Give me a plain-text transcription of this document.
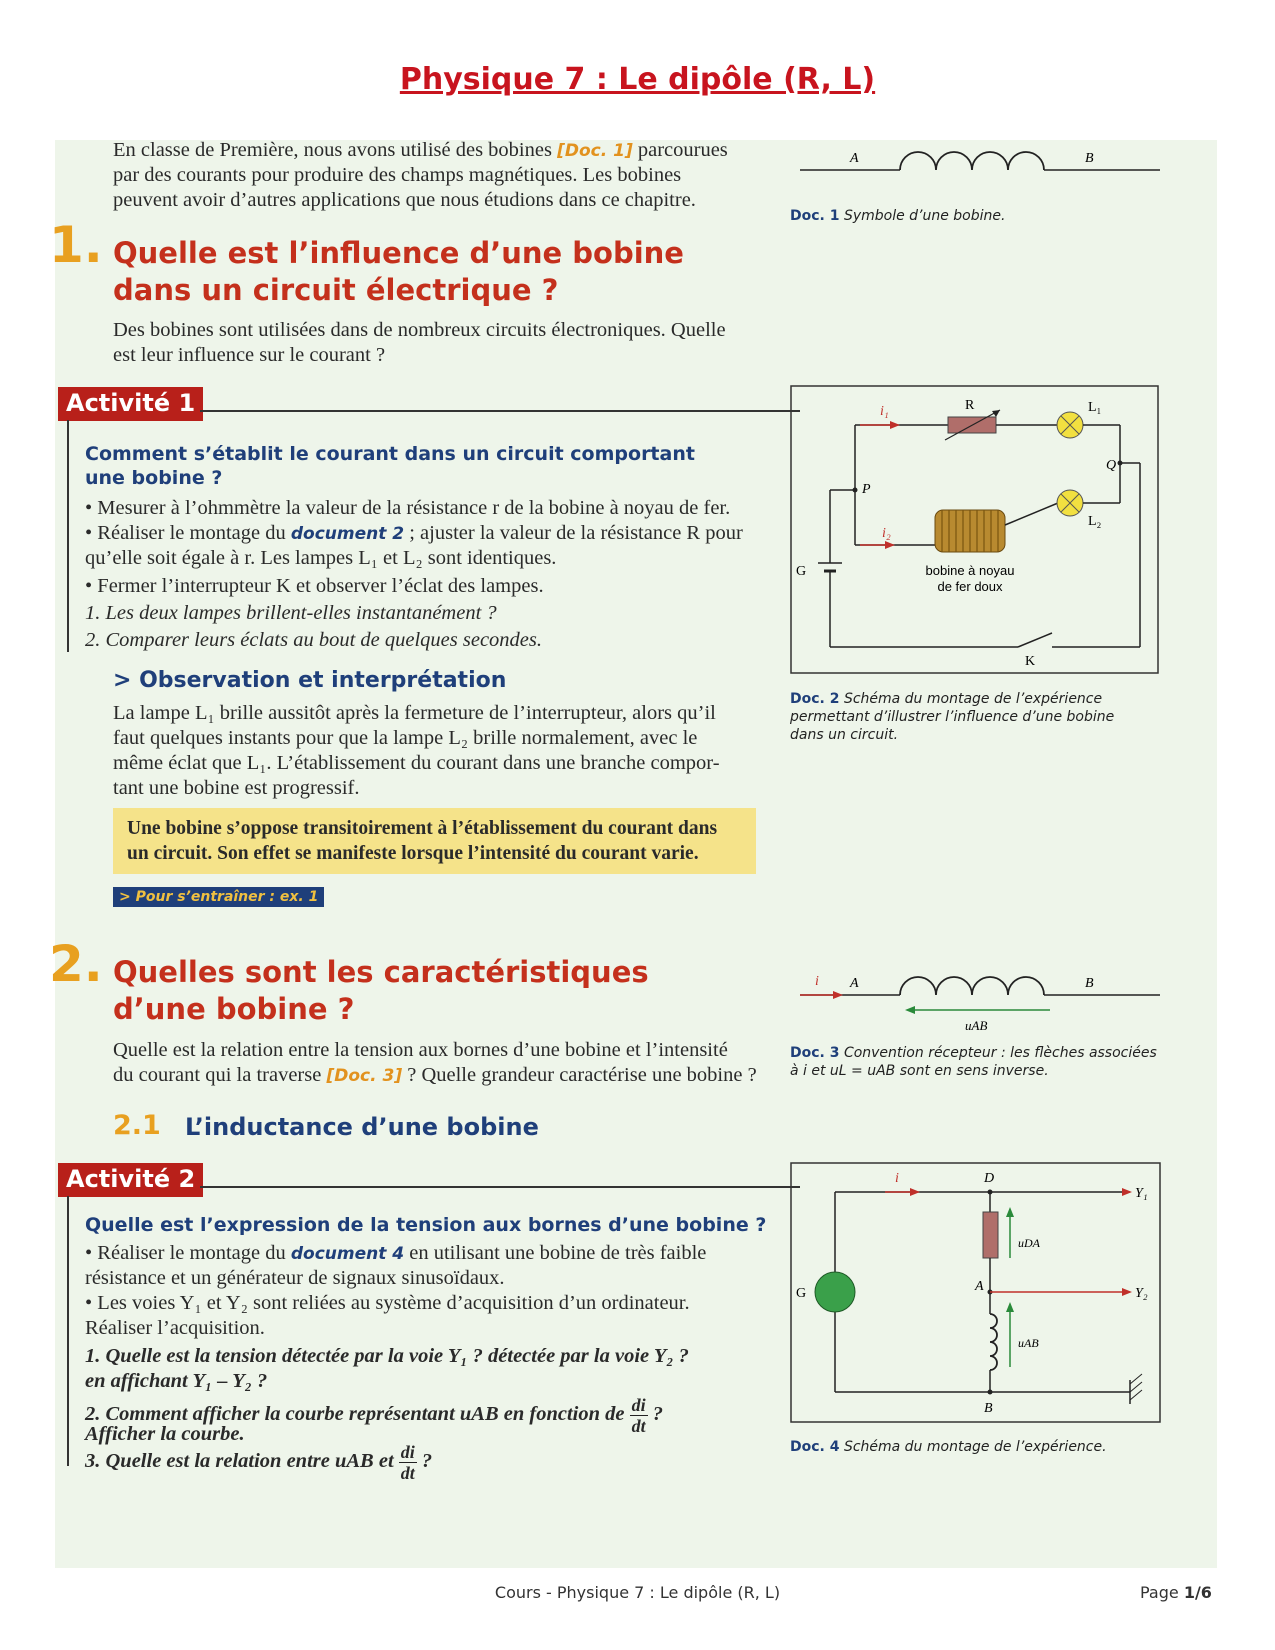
Physique 7 : Le dipôle (R, L)
En classe de Première, nous avons utilisé des bobines [Doc. 1] parcourues
par des courants pour produire des champs magnétiques. Les bobines
peuvent avoir d’autres applications que nous étudions dans ce chapitre.
A	B
Doc. 1 Symbole d’une bobine.
1. Quelle est l’influence d’une bobine
dans un circuit électrique ?
Des bobines sont utilisées dans de nombreux circuits électroniques. Quelle
est leur influence sur le courant ?
Activité 1
Comment s’établit le courant dans un circuit comportant
une bobine ?
• Mesurer à l’ohmmètre la valeur de la résistance r de la bobine à noyau de fer.
• Réaliser le montage du document 2 ; ajuster la valeur de la résistance R pour
qu’elle soit égale à r. Les lampes L₁ et L₂ sont identiques.
• Fermer l’interrupteur K et observer l’éclat des lampes.
1. Les deux lampes brillent-elles instantanément ?
2. Comparer leurs éclats au bout de quelques secondes.
> Observation et interprétation
La lampe L₁ brille aussitôt après la fermeture de l’interrupteur, alors qu’il
faut quelques instants pour que la lampe L₂ brille normalement, avec le
même éclat que L₁. L’établissement du courant dans une branche compor-
tant une bobine est progressif.
Une bobine s’oppose transitoirement à l’établissement du courant dans
un circuit. Son effet se manifeste lorsque l’intensité du courant varie.
> Pour s’entraîner : ex. 1
i₁
i₂
R	L₁
L₂
P
Q
G
K
bobine à noyau
de fer doux
Doc. 2 Schéma du montage de l’expérience
permettant d’illustrer l’influence d’une bobine
dans un circuit.
2. Quelles sont les caractéristiques
d’une bobine ?
Quelle est la relation entre la tension aux bornes d’une bobine et l’intensité
du courant qui la traverse [Doc. 3] ? Quelle grandeur caractérise une bobine ?
i A	B
uAB
Doc. 3 Convention récepteur : les flèches associées
à i et uL = uAB sont en sens inverse.
2.1 L’inductance d’une bobine
Activité 2
Quelle est l’expression de la tension aux bornes d’une bobine ?
• Réaliser le montage du document 4 en utilisant une bobine de très faible
résistance et un générateur de signaux sinusoïdaux.
• Les voies Y₁ et Y₂ sont reliées au système d’acquisition d’un ordinateur.
Réaliser l’acquisition.
1. Quelle est la tension détectée par la voie Y₁ ? détectée par la voie Y₂ ?
en affichant Y₁ – Y₂ ?
2. Comment afficher la courbe représentant uAB en fonction de $\frac{di}{dt}$ ?
Afficher la courbe.
3. Quelle est la relation entre uAB et $\frac{di}{dt}$ ?
i	D
A
B
G
Y₁
Y₂
uDA
uAB
Doc. 4 Schéma du montage de l’expérience.
Cours - Physique 7 : Le dipôle (R, L)	Page 1/6
